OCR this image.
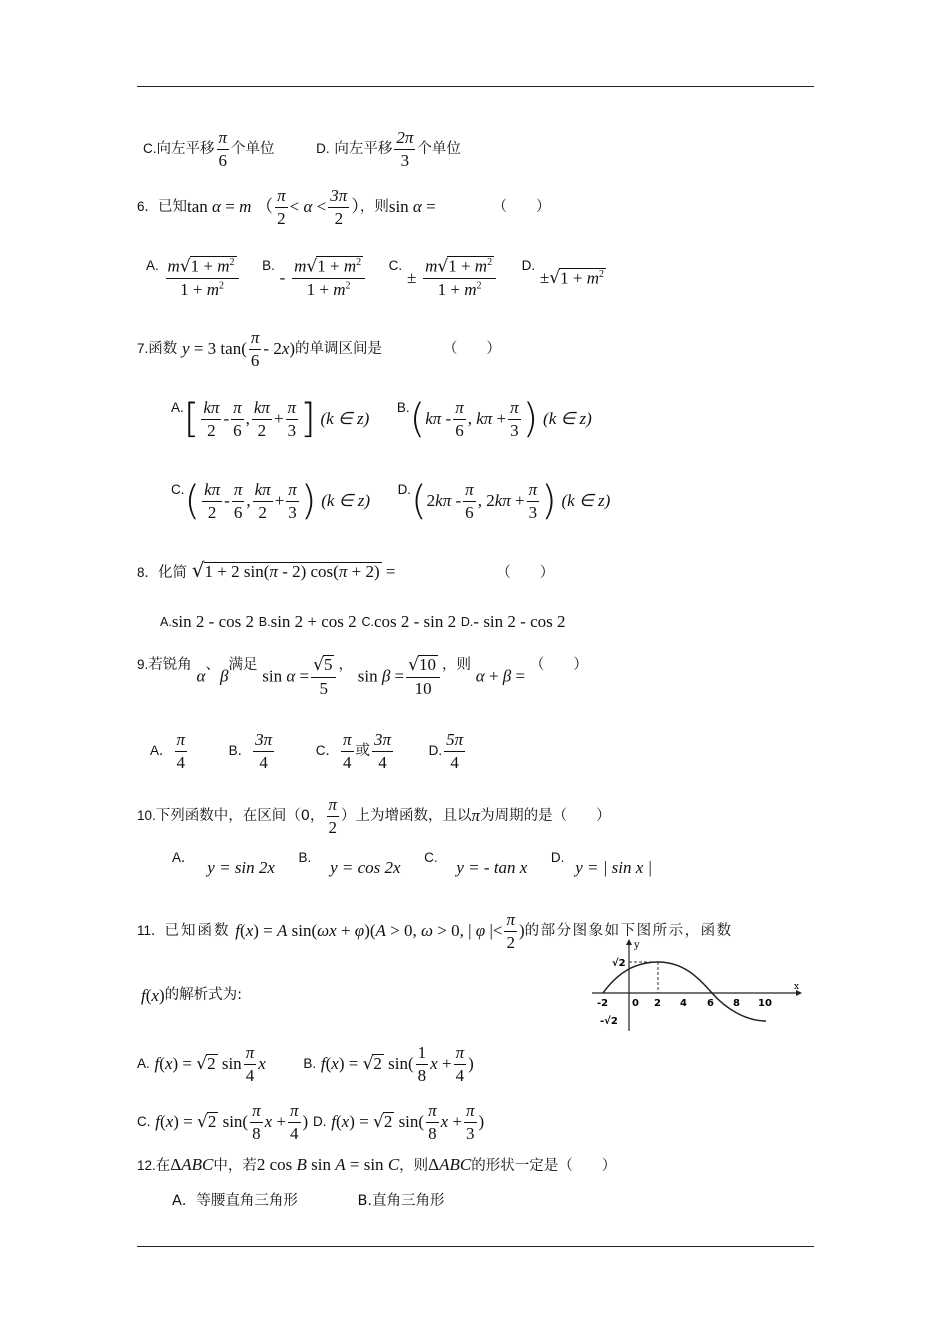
C.向左平移 $\frac{\pi}{6}$ 个单位	D. 向左平移 $\frac{2\pi}{3}$ 个单位
6．已知tan α = m （ $\frac{\pi}{2} < \alpha < \frac{3\pi}{2}$ ），则sin α =	（　　）
A. $\frac{m√1 + m^2}{1 + m^2} B$. - $\frac{m√1 + m^2}{1 + m^2} C$. ± $\frac{m√1 + m^2}{1 + m^2} D$. $\pm√1 + m^2$
7.函数 y = 3 $\tan( \frac{\pi}{6} - 2x)$的单调区间是	（　　）
$A.[ \frac{k\pi}{2} - \frac{\pi}{6}$ , $\frac{k\pi}{2} + \frac{\pi}{3}$ ] (k ∈ z)  $B.(k\pi - \frac{\pi}{6}$ , $k\pi + \frac{\pi}{3}$ ) (k ∈ z)
$C.( \frac{k\pi}{2} - \frac{\pi}{6}$ , $\frac{k\pi}{2} + \frac{\pi}{3}$ ) (k ∈ z)  $D.(2k\pi - \frac{\pi}{6}$ , $2k\pi + \frac{\pi}{3}$ ) (k ∈ z)
8．化简 √1 + 2 sin(π - 2) cos(π + 2) =	（　　）
$^{A.}$sin 2 - cos 2 $^{B.}$sin 2 + cos 2 $^{C.}$cos 2 - sin 2 $^{D.}$- sin 2 - cos 2
9.若锐角 α、β满足 $\sin \alpha = \frac{√5}{5}$ ， $\sin \beta = \frac{√10}{10}$ ，则 α + β = （　　）
A． $\frac{\pi}{4}$	B． $\frac{3\pi}{4}$	C． $\frac{\pi}{4}$ 或 $\frac{3\pi}{4}$	D. $\frac{5\pi}{4}$
10.下列函数中，在区间（0， $\frac{\pi}{2}$ ）上为增函数，且以π为周期的是（　　）
A． y = sin 2x  B. y = cos 2x  C. y = - tan x  D. y = | sin x |
11．已知函数 f(x) = A sin(ωx + φ)(A > 0, ω > 0, | φ |< $\frac{\pi}{2}$ )的部分图象如下图所示，函数
f(x)的解析式为:
y
x
√2
-√2
-2 0 2 4 6 8 10
A. f(x) = √2 $\sin \frac{\pi}{4}$ x	B. f(x) = √2 $\sin( \frac{1}{8}$ $x + \frac{\pi}{4}$ )
C. f(x) = √2 $\sin( \frac{\pi}{8}$ $x + \frac{\pi}{4}$ ) D. f(x) = √2 $\sin( \frac{\pi}{8}$ $x + \frac{\pi}{3}$ )
12.在ΔABC中，若2 cos B sin A = sin C，则ΔABC的形状一定是（　　）
A．等腰直角三角形	B.直角三角形
